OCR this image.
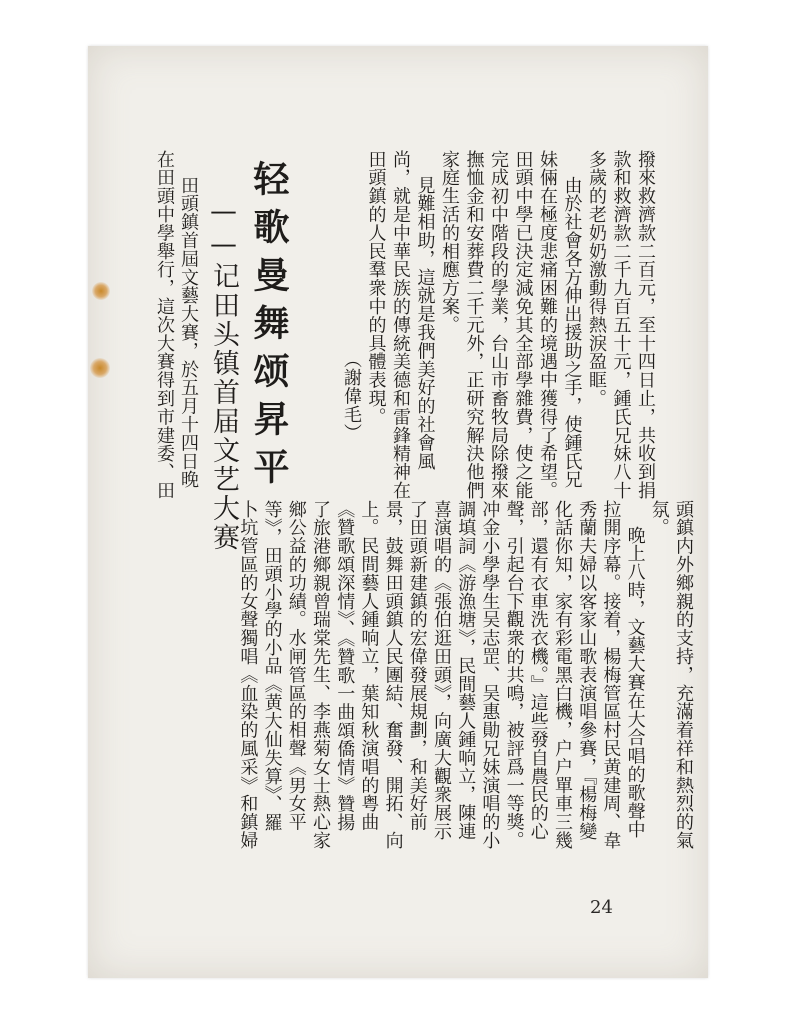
撥來救濟款二百元，至十四日止，共收到捐
款和救濟款二千九百五十元，鍾氏兄妹八十
多歲的老奶奶激動得熱淚盈眶。
由於社會各方伸出援助之手，使鍾氏兄
妹倆在極度悲痛困難的境遇中獲得了希望。
田頭中學已決定減免其全部學雜費，使之能
完成初中階段的學業，台山市畜牧局除撥來
撫恤金和安葬費二千元外，正研究解決他們
家庭生活的相應方案。
見難相助，這就是我們美好的社會風
尚，就是中華民族的傳統美德和雷鋒精神在
田頭鎮的人民羣衆中的具體表現。
（謝偉毛）
轻歌曼舞颂昇平
——记田头镇首届文艺大赛
田頭鎮首屆文藝大賽，於五月十四日晚
在田頭中學舉行，這次大賽得到市建委、田
頭鎮内外鄉親的支持，充滿着祥和熱烈的氣
氛。
晚上八時，文藝大賽在大合唱的歌聲中
拉開序幕。接着，楊梅管區村民黄建周、韋
秀蘭夫婦以客家山歌表演唱參賽，『楊梅變
化話你知，家有彩電黑白機，户户單車三幾
部，還有衣車洗衣機。』這些發自農民的心
聲，引起台下觀衆的共鳴，被評爲一等獎。
冲金小學學生吴志罡、吴惠勛兄妹演唱的小
調填詞《游漁塘》，民間藝人鍾响立，陳連
喜演唱的《張伯逛田頭》，向廣大觀衆展示
了田頭新建鎮的宏偉發展規劃，和美好前
景，鼓舞田頭鎮人民團結、奮發、開拓、向
上。民間藝人鍾响立，葉知秋演唱的粤曲
《贊歌頌深情》、《贊歌一曲頌僑情》贊揚
了旅港鄉親曾瑞棠先生、李燕菊女士熱心家
鄉公益的功績。水闸管區的相聲《男女平
等》，田頭小學的小品《黄大仙失算》、羅
卜坑管區的女聲獨唱《血染的風采》和鎮婦
24
